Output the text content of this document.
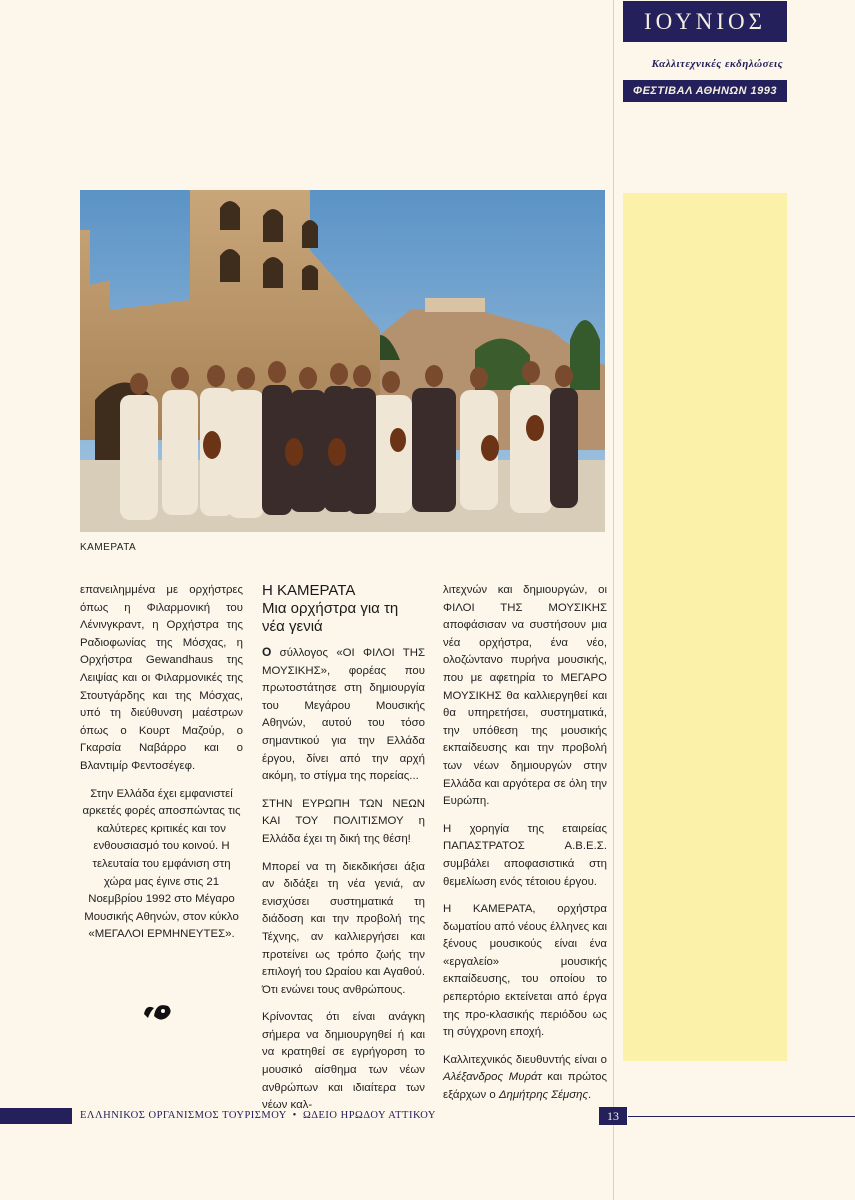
ΙΟΥΝΙΟΣ
Καλλιτεχνικές εκδηλώσεις
ΦΕΣΤΙΒΑΛ ΑΘΗΝΩΝ 1993
ΚΑΜΕΡΑΤΑ

επανειλημμένα με ορχήστρες όπως η Φιλαρμονική του Λένινγκραντ, η Ορχήστρα της Ραδιοφωνίας της Μόσχας, η Ορχήστρα Gewandhaus της Λειψίας και οι Φιλαρμονικές της Στουτγάρδης και της Μόσχας, υπό τη διεύθυνση μαέστρων όπως ο Κουρτ Μαζούρ, ο Γκαρσία Ναβάρρο και ο Βλαντιμίρ Φεντοσέγεφ.

Στην Ελλάδα έχει εμφανιστεί αρκετές φορές αποσπώντας τις καλύτερες κριτικές και τον ενθουσιασμό του κοινού. Η τελευταία του εμφάνιση στη χώρα μας έγινε στις 21 Νοεμβρίου 1992 στο Μέγαρο Μουσικής Αθηνών, στον κύκλο «ΜΕΓΑΛΟΙ ΕΡΜΗΝΕΥΤΕΣ».

Η ΚΑΜΕΡΑΤΑ
Μια ορχήστρα για τη νέα γενιά

Ο σύλλογος «ΟΙ ΦΙΛΟΙ ΤΗΣ ΜΟΥΣΙΚΗΣ», φορέας που πρωτοστάτησε στη δημιουργία του Μεγάρου Μουσικής Αθηνών, αυτού του τόσο σημαντικού για την Ελλάδα έργου, δίνει από την αρχή ακόμη, το στίγμα της πορείας...

ΣΤΗΝ ΕΥΡΩΠΗ ΤΩΝ ΝΕΩΝ ΚΑΙ ΤΟΥ ΠΟΛΙΤΙΣΜΟΥ η Ελλάδα έχει τη δική της θέση!

Μπορεί να τη διεκδικήσει άξια αν διδάξει τη νέα γενιά, αν ενισχύσει συστηματικά τη διάδοση και την προβολή της Τέχνης, αν καλλιεργήσει και προτείνει ως τρόπο ζωής την επιλογή του Ωραίου και Αγαθού. Ότι ενώνει τους ανθρώπους.

Κρίνοντας ότι είναι ανάγκη σήμερα να δημιουργηθεί ή και να κρατηθεί σε εγρήγορση το μουσικό αίσθημα των νέων ανθρώπων και ιδιαίτερα των νέων καλ-

λιτεχνών και δημιουργών, οι ΦΙΛΟΙ ΤΗΣ ΜΟΥΣΙΚΗΣ αποφάσισαν να συστήσουν μια νέα ορχήστρα, ένα νέο, ολοζώντανο πυρήνα μουσικής, που με αφετηρία το ΜΕΓΑΡΟ ΜΟΥΣΙΚΗΣ θα καλλιεργηθεί και θα υπηρετήσει, συστηματικά, την υπόθεση της μουσικής εκπαίδευσης και την προβολή των νέων δημιουργών στην Ελλάδα και αργότερα σε όλη την Ευρώπη.

Η χορηγία της εταιρείας ΠΑΠΑΣΤΡΑΤΟΣ Α.Β.Ε.Σ. συμβάλει αποφασιστικά στη θεμελίωση ενός τέτοιου έργου.

Η ΚΑΜΕΡΑΤΑ, ορχήστρα δωματίου από νέους έλληνες και ξένους μουσικούς είναι ένα «εργαλείο» μουσικής εκπαίδευσης, του οποίου το ρεπερτόριο εκτείνεται από έργα της προ-κλασικής περιόδου ως τη σύγχρονη εποχή.

Καλλιτεχνικός διευθυντής είναι ο Αλέξανδρος Μυράτ και πρώτος εξάρχων ο Δημήτρης Σέμσης.

ΕΛΛΗΝΙΚΟΣ ΟΡΓΑΝΙΣΜΟΣ ΤΟΥΡΙΣΜΟΥ • ΩΔΕΙΟ ΗΡΩΔΟΥ ΑΤΤΙΚΟΥ	13
